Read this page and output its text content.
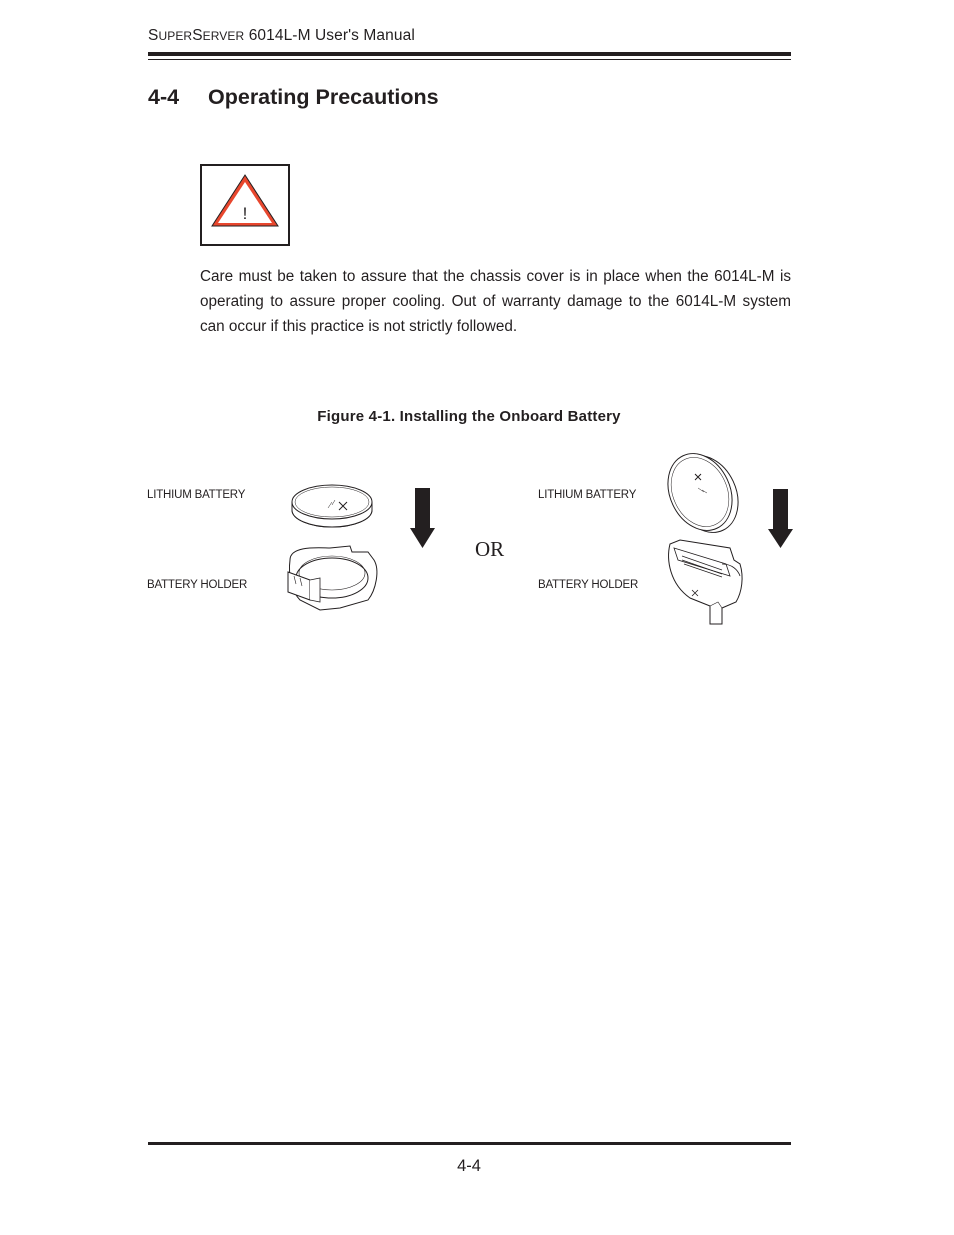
SUPERSERVER 6014L-M User's Manual
4-4 Operating Precautions
!

Care must be taken to assure that the chassis cover is in place when the 6014L-M is operating to assure proper cooling. Out of warranty damage to the 6014L-M system can occur if this practice is not strictly followed.

Figure 4-1. Installing the Onboard Battery
LITHIUM BATTERY
BATTERY HOLDER
OR
LITHIUM BATTERY
BATTERY HOLDER
4-4
